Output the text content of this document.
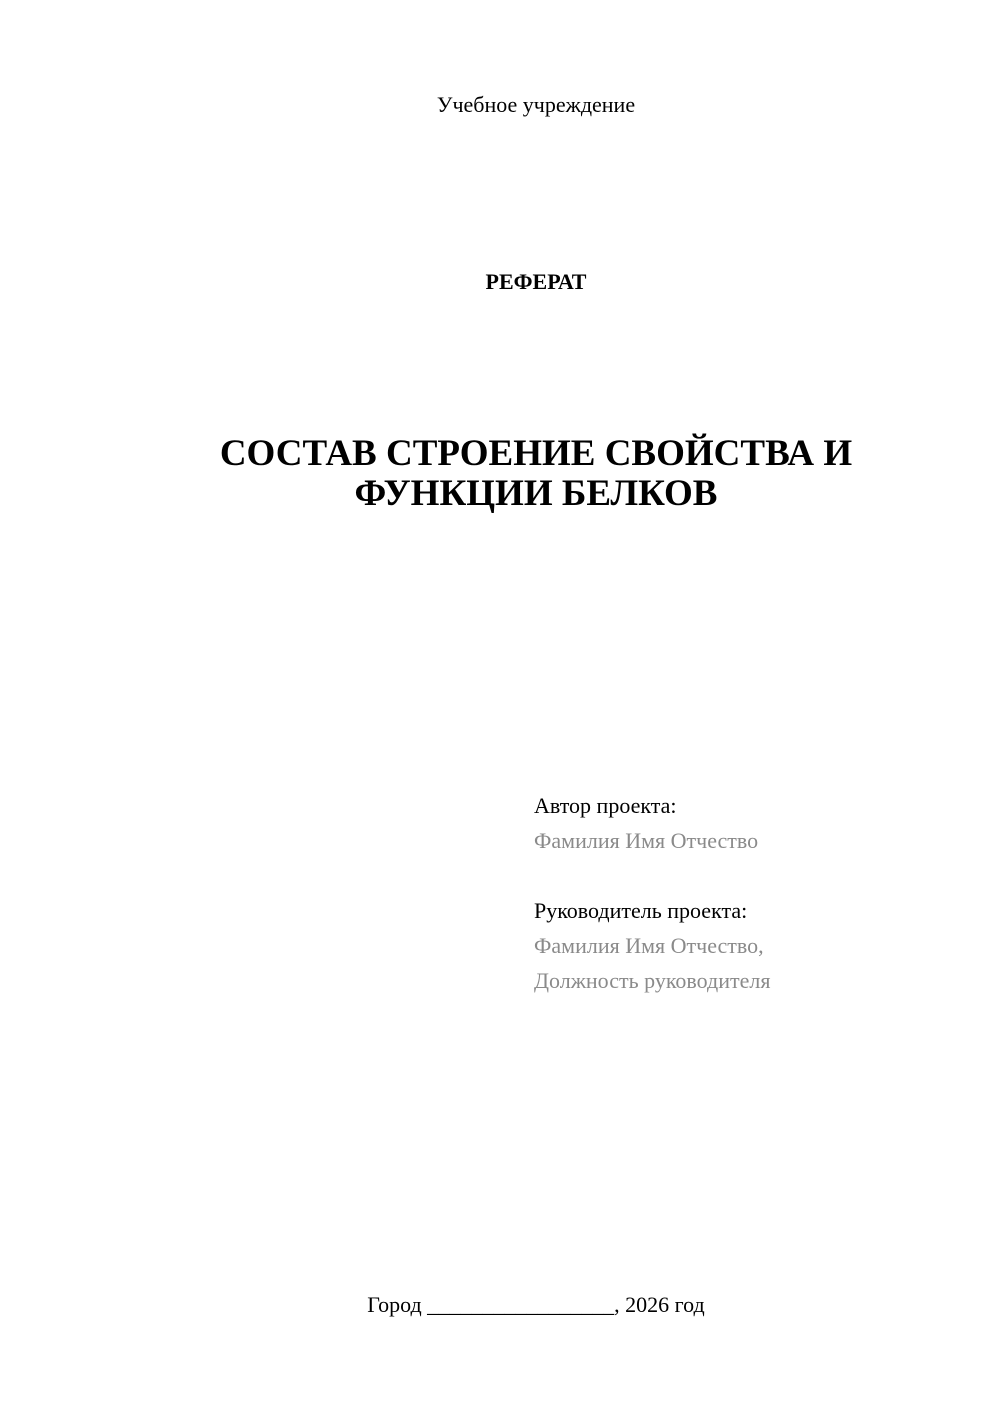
Учебное учреждение
РЕФЕРАТ
СОСТАВ СТРОЕНИЕ СВОЙСТВА И
ФУНКЦИИ БЕЛКОВ
Автор проекта:
Фамилия Имя Отчество
Руководитель проекта:
Фамилия Имя Отчество,
Должность руководителя
Город _________________, 2026 год
